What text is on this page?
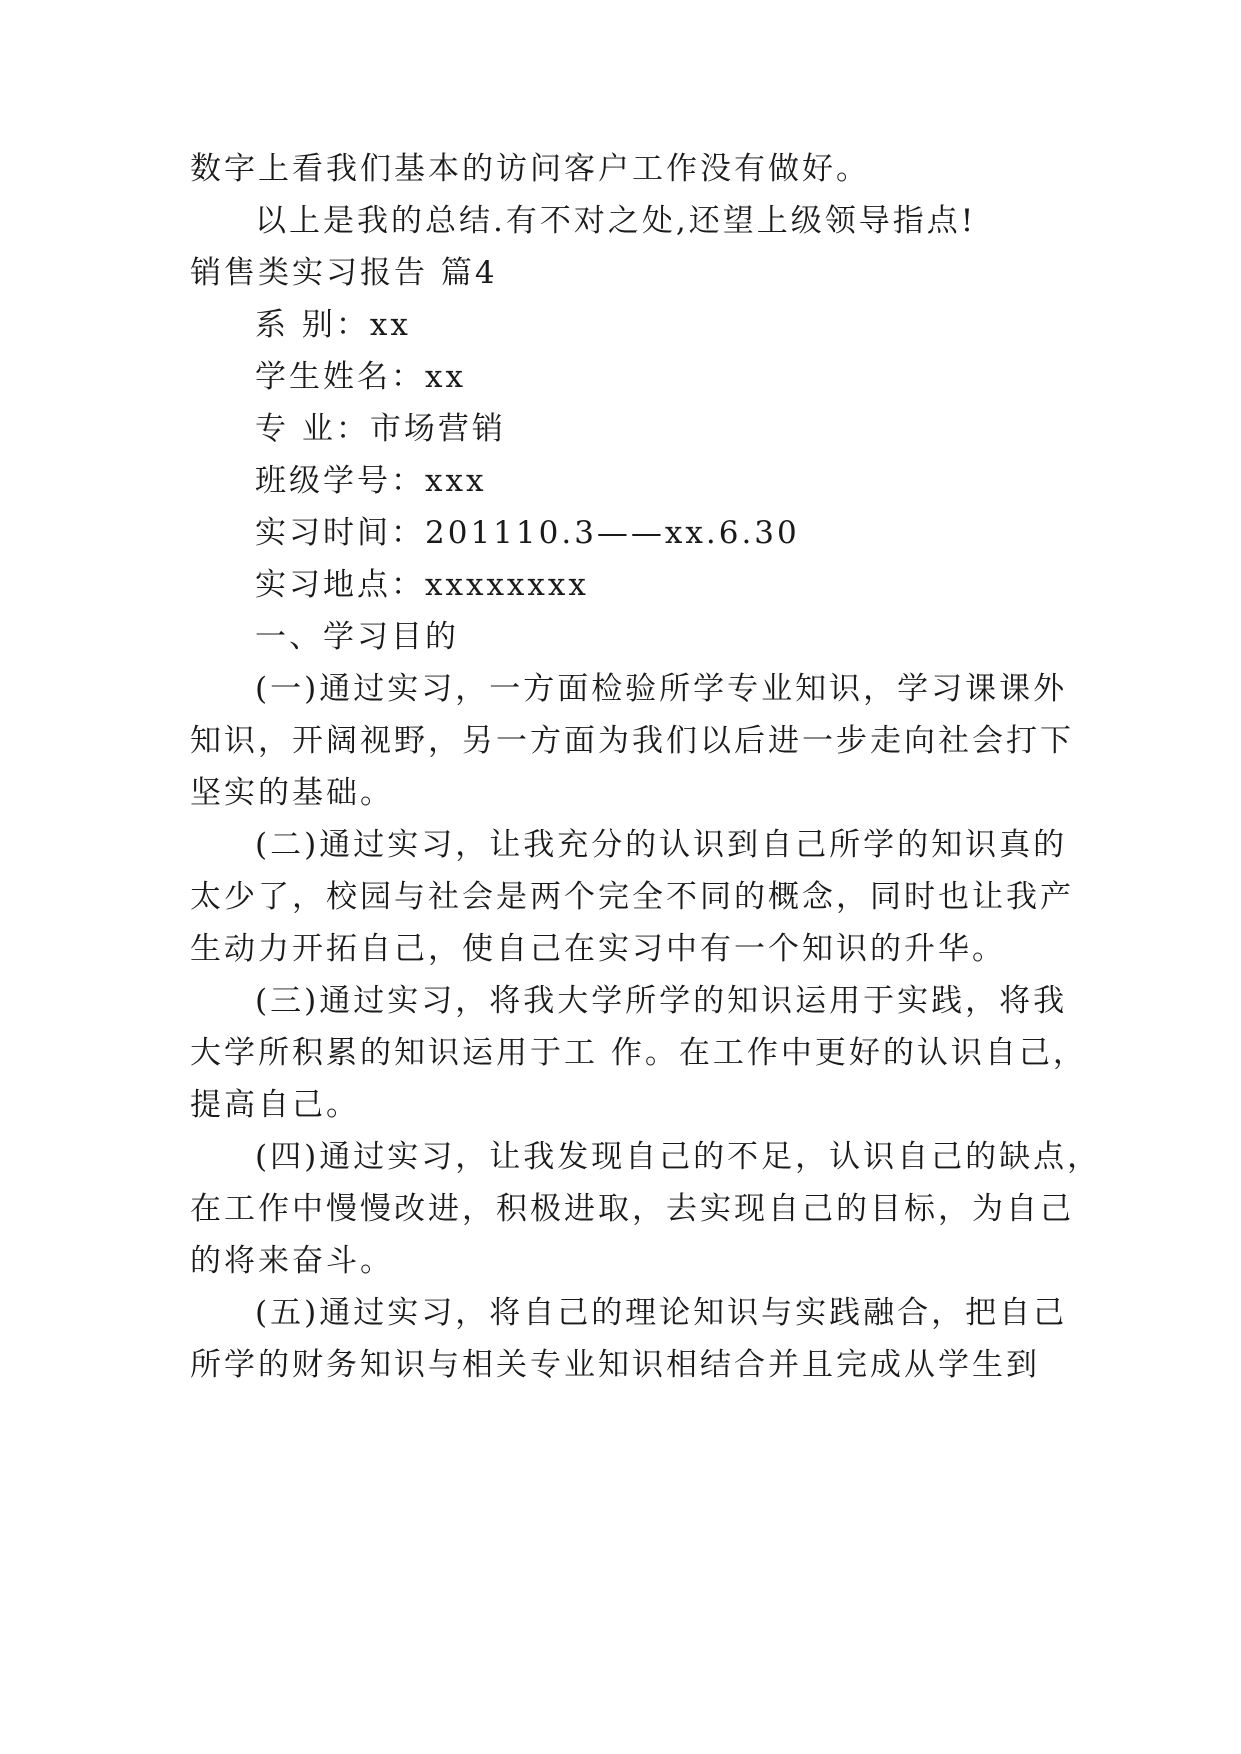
数字上看我们基本的访问客户工作没有做好。
以上是我的总结.有不对之处,还望上级领导指点!
销售类实习报告 篇4
系 别：xx
学生姓名：xx
专 业：市场营销
班级学号：xxx
实习时间：201110.3——xx.6.30
实习地点：xxxxxxxx
一、学习目的
(一)通过实习，一方面检验所学专业知识，学习课课外
知识，开阔视野，另一方面为我们以后进一步走向社会打下
坚实的基础。
(二)通过实习，让我充分的认识到自己所学的知识真的
太少了，校园与社会是两个完全不同的概念，同时也让我产
生动力开拓自己，使自己在实习中有一个知识的升华。
(三)通过实习，将我大学所学的知识运用于实践，将我
大学所积累的知识运用于工 作。在工作中更好的认识自己，
提高自己。
(四)通过实习，让我发现自己的不足，认识自己的缺点，
在工作中慢慢改进，积极进取，去实现自己的目标，为自己
的将来奋斗。
(五)通过实习，将自己的理论知识与实践融合，把自己
所学的财务知识与相关专业知识相结合并且完成从学生到
